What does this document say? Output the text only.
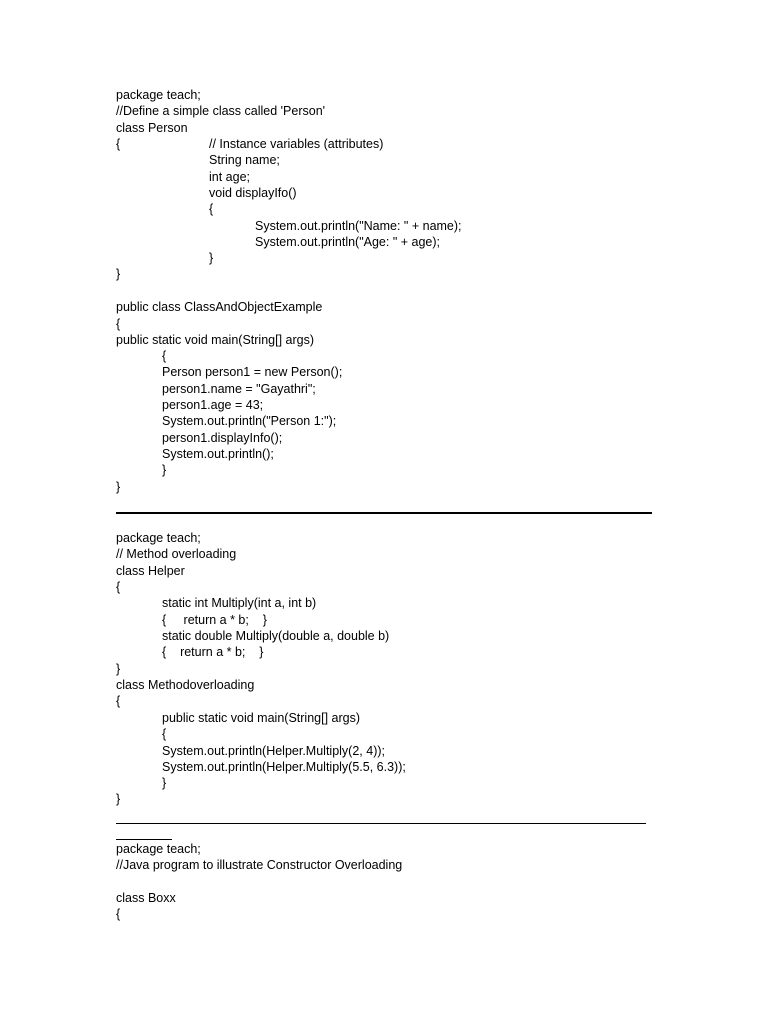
package teach;

//Define a simple class called 'Person'

class Person

{	// Instance variables (attributes)

String name;

int age;

void displayIfo()

{

System.out.println("Name: " + name);

System.out.println("Age: " + age);

}

}

public class ClassAndObjectExample

{

public static void main(String[] args)

{

Person person1 = new Person();

person1.name = "Gayathri";

person1.age = 43;

System.out.println("Person 1:");

person1.displayInfo();

System.out.println();

}

}

package teach;

// Method overloading

class Helper

{

static int Multiply(int a, int b)

{     return a * b;    }

static double Multiply(double a, double b)

{    return a * b;    }

}

class Methodoverloading

{

public static void main(String[] args)

{

System.out.println(Helper.Multiply(2, 4));

System.out.println(Helper.Multiply(5.5, 6.3));

}

}

package teach;

//Java program to illustrate Constructor Overloading

class Boxx

{
